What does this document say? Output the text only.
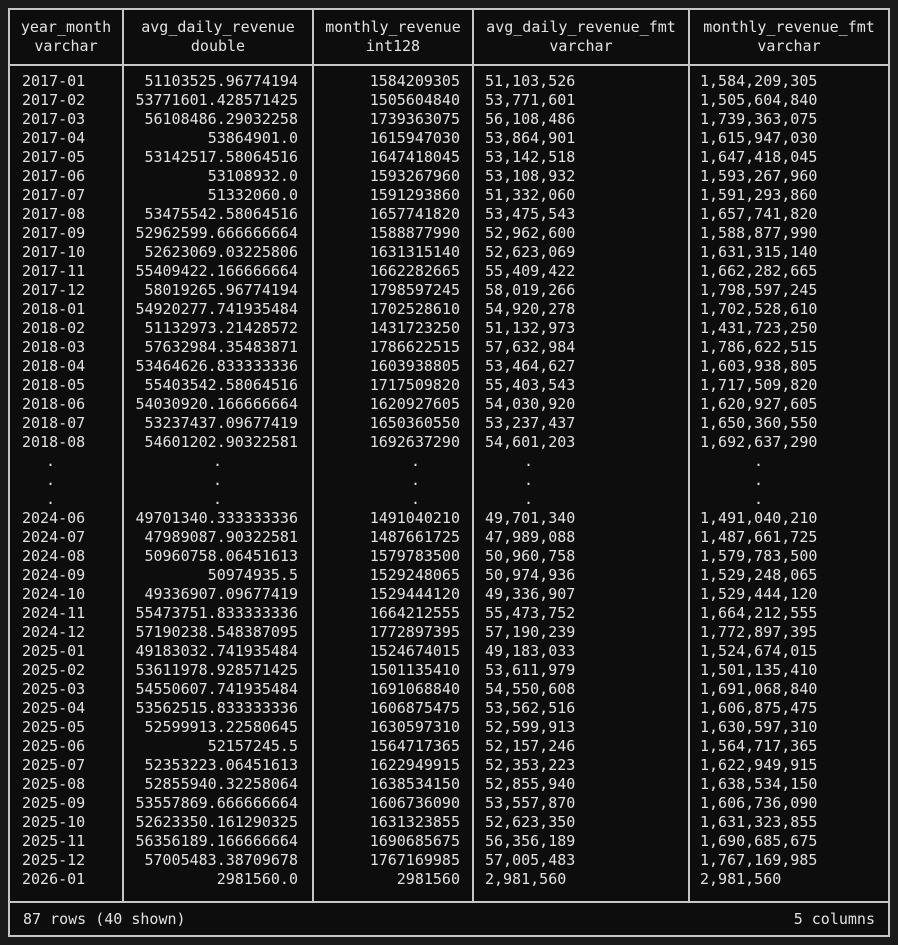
year_month
varchar
2017-01
2017-02
2017-03
2017-04
2017-05
2017-06
2017-07
2017-08
2017-09
2017-10
2017-11
2017-12
2018-01
2018-02
2018-03
2018-04
2018-05
2018-06
2018-07
2018-08
.
.
.
2024-06
2024-07
2024-08
2024-09
2024-10
2024-11
2024-12
2025-01
2025-02
2025-03
2025-04
2025-05
2025-06
2025-07
2025-08
2025-09
2025-10
2025-11
2025-12
2026-01
avg_daily_revenue
double
51103525.96774194
53771601.428571425
56108486.29032258
53864901.0
53142517.58064516
53108932.0
51332060.0
53475542.58064516
52962599.666666664
52623069.03225806
55409422.166666664
58019265.96774194
54920277.741935484
51132973.21428572
57632984.35483871
53464626.833333336
55403542.58064516
54030920.166666664
53237437.09677419
54601202.90322581
.
.
.
49701340.333333336
47989087.90322581
50960758.06451613
50974935.5
49336907.09677419
55473751.833333336
57190238.548387095
49183032.741935484
53611978.928571425
54550607.741935484
53562515.833333336
52599913.22580645
52157245.5
52353223.06451613
52855940.32258064
53557869.666666664
52623350.161290325
56356189.166666664
57005483.38709678
2981560.0
monthly_revenue
int128
1584209305
1505604840
1739363075
1615947030
1647418045
1593267960
1591293860
1657741820
1588877990
1631315140
1662282665
1798597245
1702528610
1431723250
1786622515
1603938805
1717509820
1620927605
1650360550
1692637290
.
.
.
1491040210
1487661725
1579783500
1529248065
1529444120
1664212555
1772897395
1524674015
1501135410
1691068840
1606875475
1630597310
1564717365
1622949915
1638534150
1606736090
1631323855
1690685675
1767169985
2981560
avg_daily_revenue_fmt
varchar
51,103,526
53,771,601
56,108,486
53,864,901
53,142,518
53,108,932
51,332,060
53,475,543
52,962,600
52,623,069
55,409,422
58,019,266
54,920,278
51,132,973
57,632,984
53,464,627
55,403,543
54,030,920
53,237,437
54,601,203
.
.
.
49,701,340
47,989,088
50,960,758
50,974,936
49,336,907
55,473,752
57,190,239
49,183,033
53,611,979
54,550,608
53,562,516
52,599,913
52,157,246
52,353,223
52,855,940
53,557,870
52,623,350
56,356,189
57,005,483
2,981,560
monthly_revenue_fmt
varchar
1,584,209,305
1,505,604,840
1,739,363,075
1,615,947,030
1,647,418,045
1,593,267,960
1,591,293,860
1,657,741,820
1,588,877,990
1,631,315,140
1,662,282,665
1,798,597,245
1,702,528,610
1,431,723,250
1,786,622,515
1,603,938,805
1,717,509,820
1,620,927,605
1,650,360,550
1,692,637,290
.
.
.
1,491,040,210
1,487,661,725
1,579,783,500
1,529,248,065
1,529,444,120
1,664,212,555
1,772,897,395
1,524,674,015
1,501,135,410
1,691,068,840
1,606,875,475
1,630,597,310
1,564,717,365
1,622,949,915
1,638,534,150
1,606,736,090
1,631,323,855
1,690,685,675
1,767,169,985
2,981,560
87 rows (40 shown)	5 columns
